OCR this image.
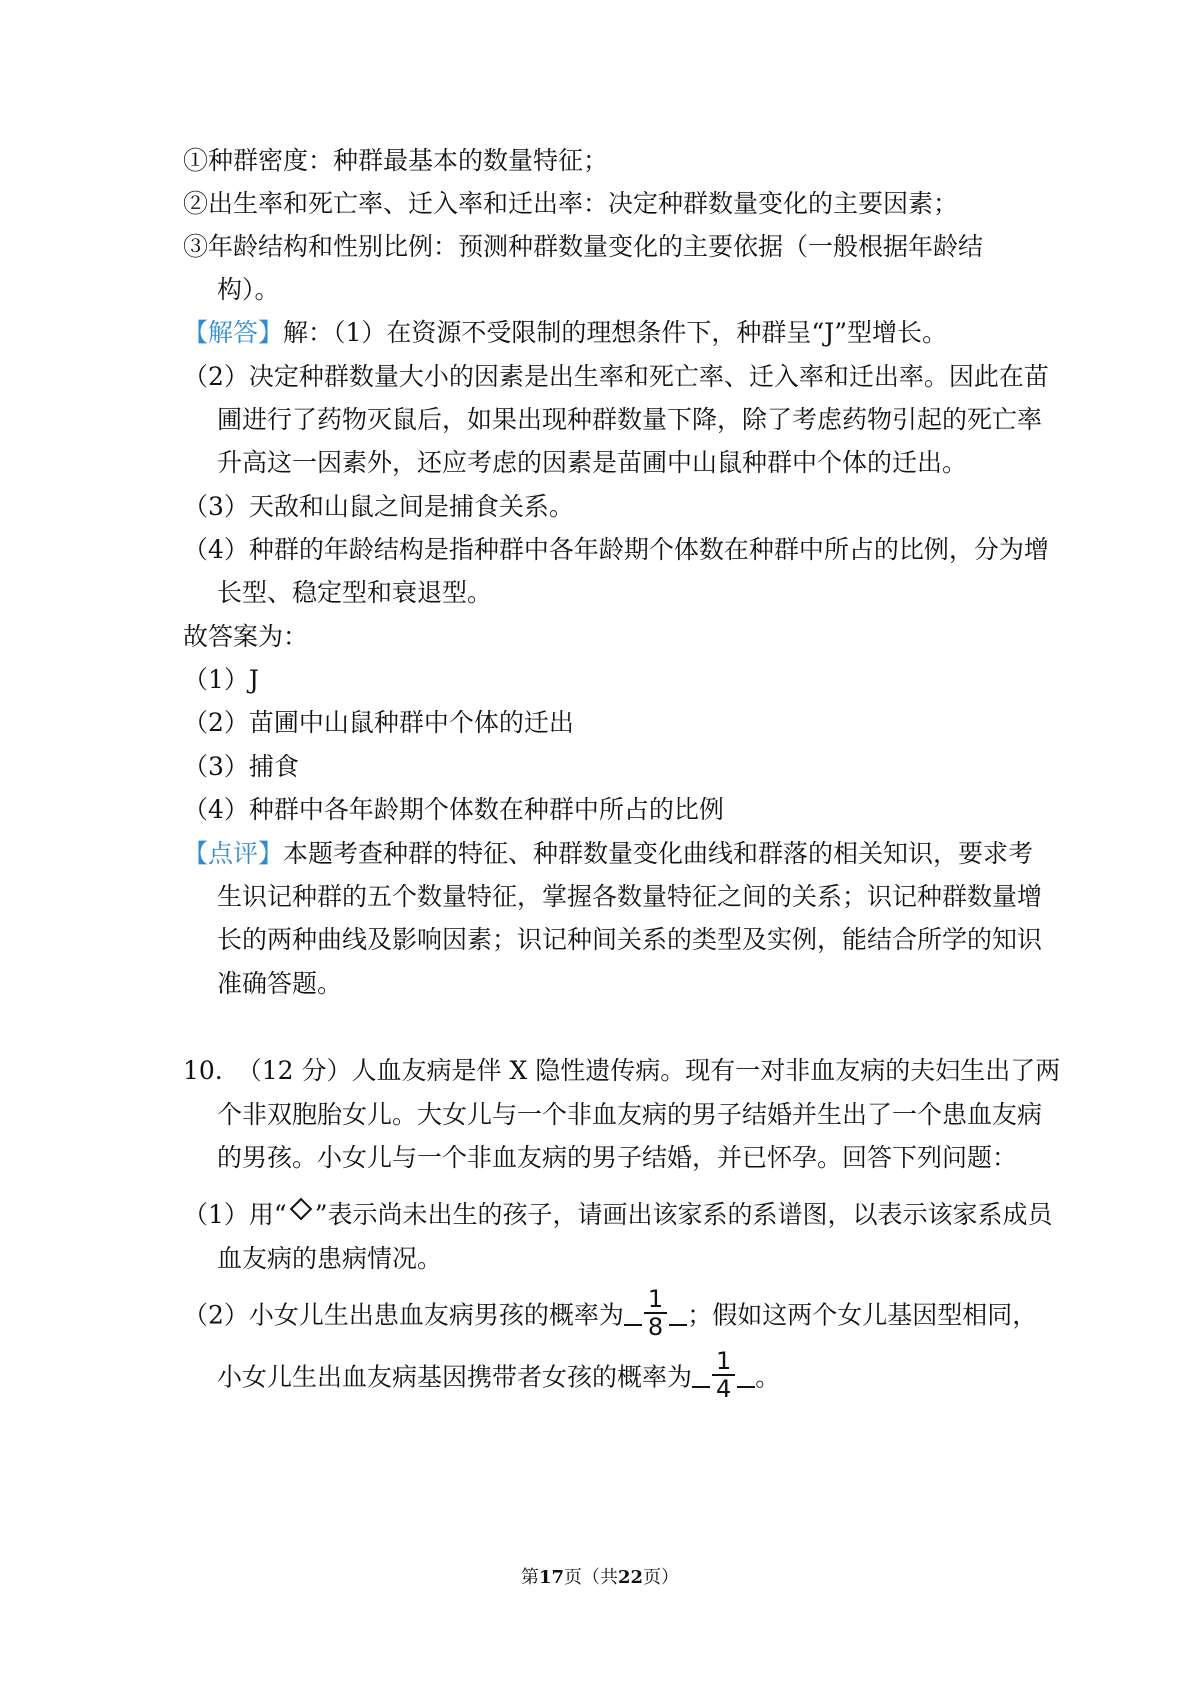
①种群密度：种群最基本的数量特征；
②出生率和死亡率、迁入率和迁出率：决定种群数量变化的主要因素；
③年龄结构和性别比例：预测种群数量变化的主要依据（一般根据年龄结
构）。
【解答】解：（1）在资源不受限制的理想条件下，种群呈“J”型增长。
（2）决定种群数量大小的因素是出生率和死亡率、迁入率和迁出率。因此在苗
圃进行了药物灭鼠后，如果出现种群数量下降，除了考虑药物引起的死亡率
升高这一因素外，还应考虑的因素是苗圃中山鼠种群中个体的迁出。
（3）天敌和山鼠之间是捕食关系。
（4）种群的年龄结构是指种群中各年龄期个体数在种群中所占的比例，分为增
长型、稳定型和衰退型。
故答案为：
（1）J
（2）苗圃中山鼠种群中个体的迁出
（3）捕食
（4）种群中各年龄期个体数在种群中所占的比例
【点评】本题考查种群的特征、种群数量变化曲线和群落的相关知识，要求考
生识记种群的五个数量特征，掌握各数量特征之间的关系；识记种群数量增
长的两种曲线及影响因素；识记种间关系的类型及实例，能结合所学的知识
准确答题。
10. （12 分）人血友病是伴 X 隐性遗传病。现有一对非血友病的夫妇生出了两
个非双胞胎女儿。大女儿与一个非血友病的男子结婚并生出了一个患血友病
的男孩。小女儿与一个非血友病的男子结婚，并已怀孕。回答下列问题：
（1）用“ ”表示尚未出生的孩子，请画出该家系的系谱图，以表示该家系成员
血友病的患病情况。
（2）小女儿生出患血友病男孩的概率为 $\frac{1}{8}$ ；假如这两个女儿基因型相同，
小女儿生出血友病基因携带者女孩的概率为 $\frac{1}{4}$ 。
第17页（共22页）
